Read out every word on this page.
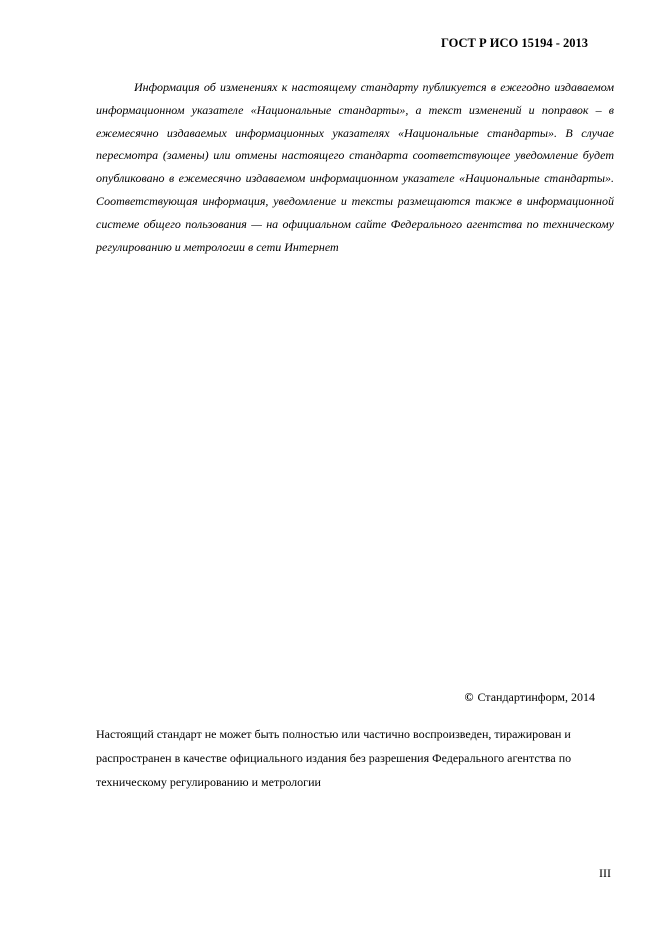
ГОСТ Р ИСО 15194 - 2013

Информация об изменениях к настоящему стандарту публикуется в ежегодно издаваемом информационном указателе «Национальные стандарты», а текст изменений и поправок – в ежемесячно издаваемых информационных указателях «Национальные стандарты». В случае пересмотра (замены) или отмены настоящего стандарта соответствующее уведомление будет опубликовано в ежемесячно издаваемом информационном указателе «Национальные стандарты». Соответствующая информация, уведомление и тексты размещаются также в информационной системе общего пользования — на официальном сайте Федерального агентства по техническому регулированию и метрологии в сети Интернет

© Стандартинформ, 2014

Настоящий стандарт не может быть полностью или частично воспроизведен, тиражирован и распространен в качестве официального издания без разрешения Федерального агентства по техническому регулированию и метрологии

III
